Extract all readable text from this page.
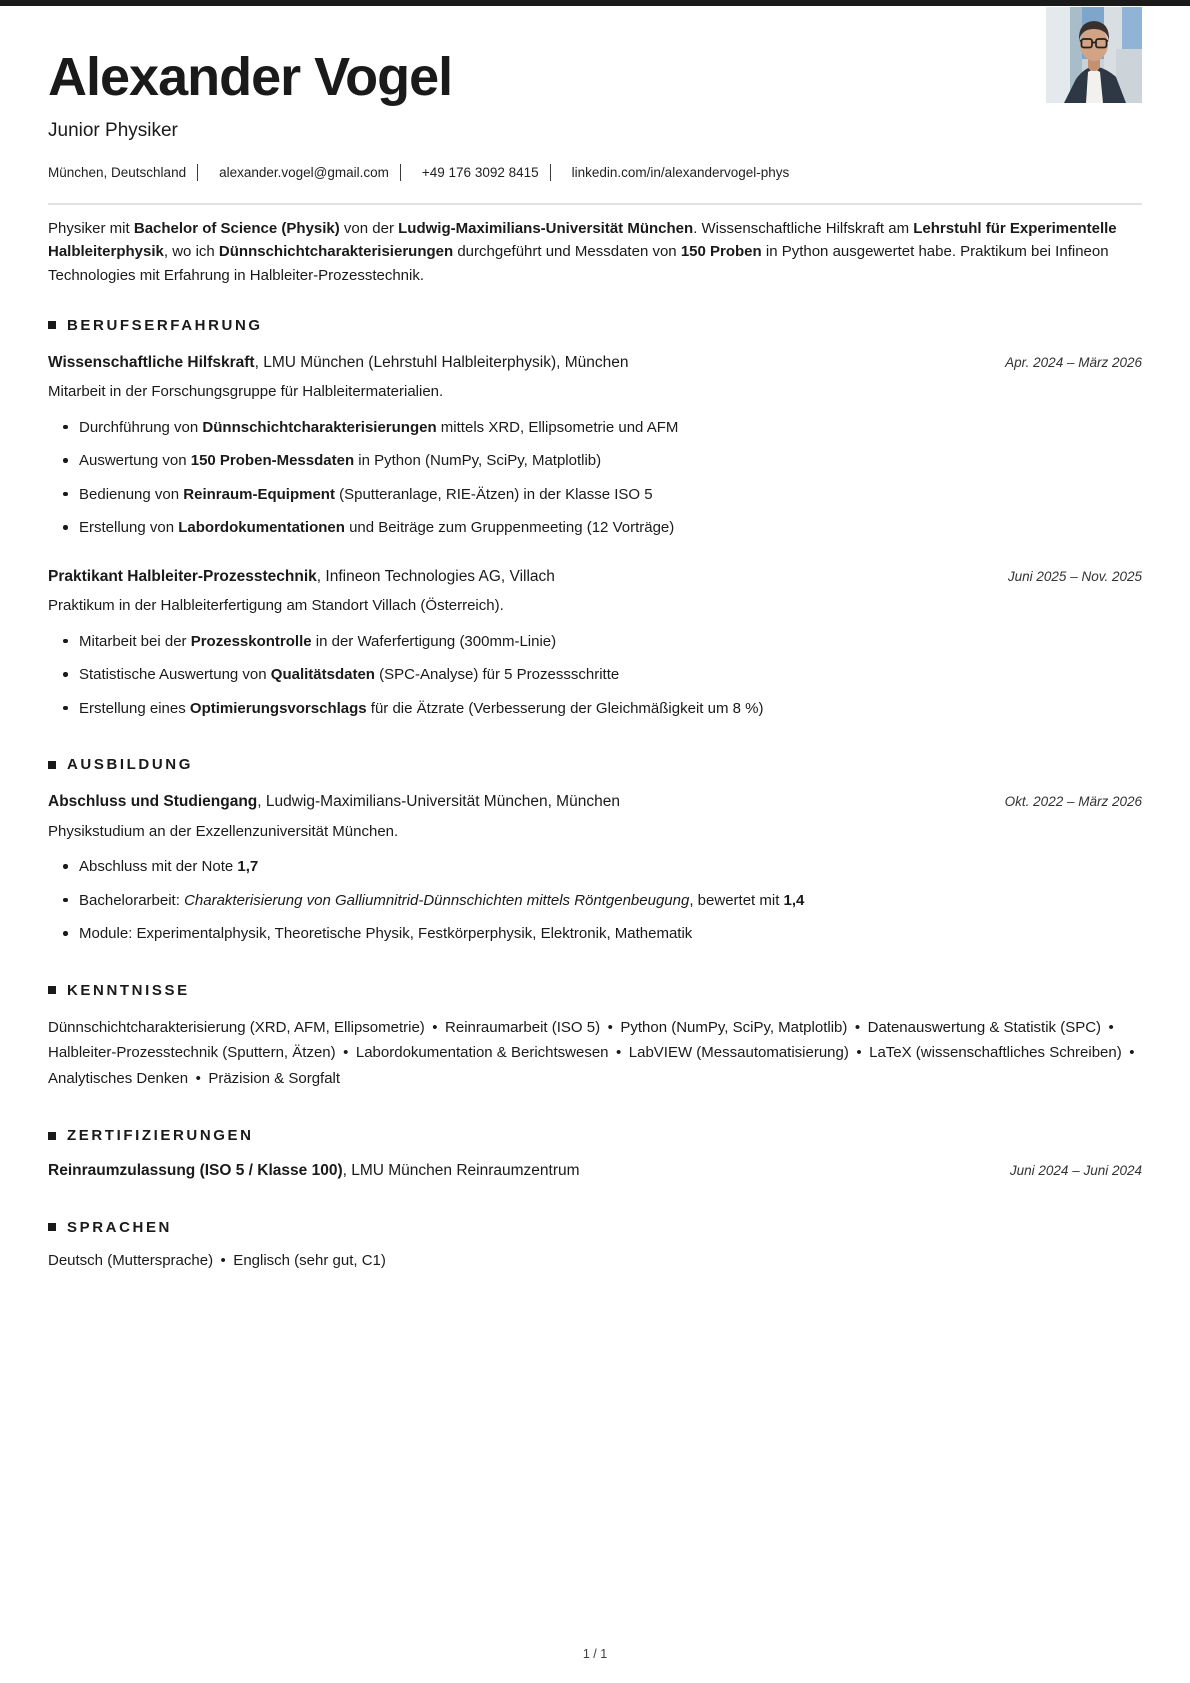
Alexander Vogel
Junior Physiker
München, Deutschland alexander.vogel@gmail.com +49 176 3092 8415 linkedin.com/in/alexandervogel-phys

Physiker mit Bachelor of Science (Physik) von der Ludwig-Maximilians-Universität München. Wissenschaftliche Hilfskraft am Lehrstuhl für Experimentelle Halbleiterphysik, wo ich Dünnschichtcharakterisierungen durchgeführt und Messdaten von 150 Proben in Python ausgewertet habe. Praktikum bei Infineon Technologies mit Erfahrung in Halbleiter-Prozesstechnik.

BERUFSERFAHRUNG
Wissenschaftliche Hilfskraft, LMU München (Lehrstuhl Halbleiterphysik), München	Apr. 2024 – März 2026
Mitarbeit in der Forschungsgruppe für Halbleitermaterialien.
Durchführung von Dünnschichtcharakterisierungen mittels XRD, Ellipsometrie und AFM
Auswertung von 150 Proben-Messdaten in Python (NumPy, SciPy, Matplotlib)
Bedienung von Reinraum-Equipment (Sputteranlage, RIE-Ätzen) in der Klasse ISO 5
Erstellung von Labordokumentationen und Beiträge zum Gruppenmeeting (12 Vorträge)
Praktikant Halbleiter-Prozesstechnik, Infineon Technologies AG, Villach	Juni 2025 – Nov. 2025
Praktikum in der Halbleiterfertigung am Standort Villach (Österreich).
Mitarbeit bei der Prozesskontrolle in der Waferfertigung (300mm-Linie)
Statistische Auswertung von Qualitätsdaten (SPC-Analyse) für 5 Prozessschritte
Erstellung eines Optimierungsvorschlags für die Ätzrate (Verbesserung der Gleichmäßigkeit um 8 %)
AUSBILDUNG
Abschluss und Studiengang, Ludwig-Maximilians-Universität München, München	Okt. 2022 – März 2026
Physikstudium an der Exzellenzuniversität München.
Abschluss mit der Note 1,7
Bachelorarbeit: Charakterisierung von Galliumnitrid-Dünnschichten mittels Röntgenbeugung, bewertet mit 1,4
Module: Experimentalphysik, Theoretische Physik, Festkörperphysik, Elektronik, Mathematik
KENNTNISSE

Dünnschichtcharakterisierung (XRD, AFM, Ellipsometrie) • Reinraumarbeit (ISO 5) • Python (NumPy, SciPy, Matplotlib) • Datenauswertung & Statistik (SPC) • Halbleiter-Prozesstechnik (Sputtern, Ätzen) • Labordokumentation & Berichtswesen • LabVIEW (Messautomatisierung) • LaTeX (wissenschaftliches Schreiben) • Analytisches Denken • Präzision & Sorgfalt

ZERTIFIZIERUNGEN
Reinraumzulassung (ISO 5 / Klasse 100), LMU München Reinraumzentrum	Juni 2024 – Juni 2024
SPRACHEN

Deutsch (Muttersprache) • Englisch (sehr gut, C1)

1 / 1
